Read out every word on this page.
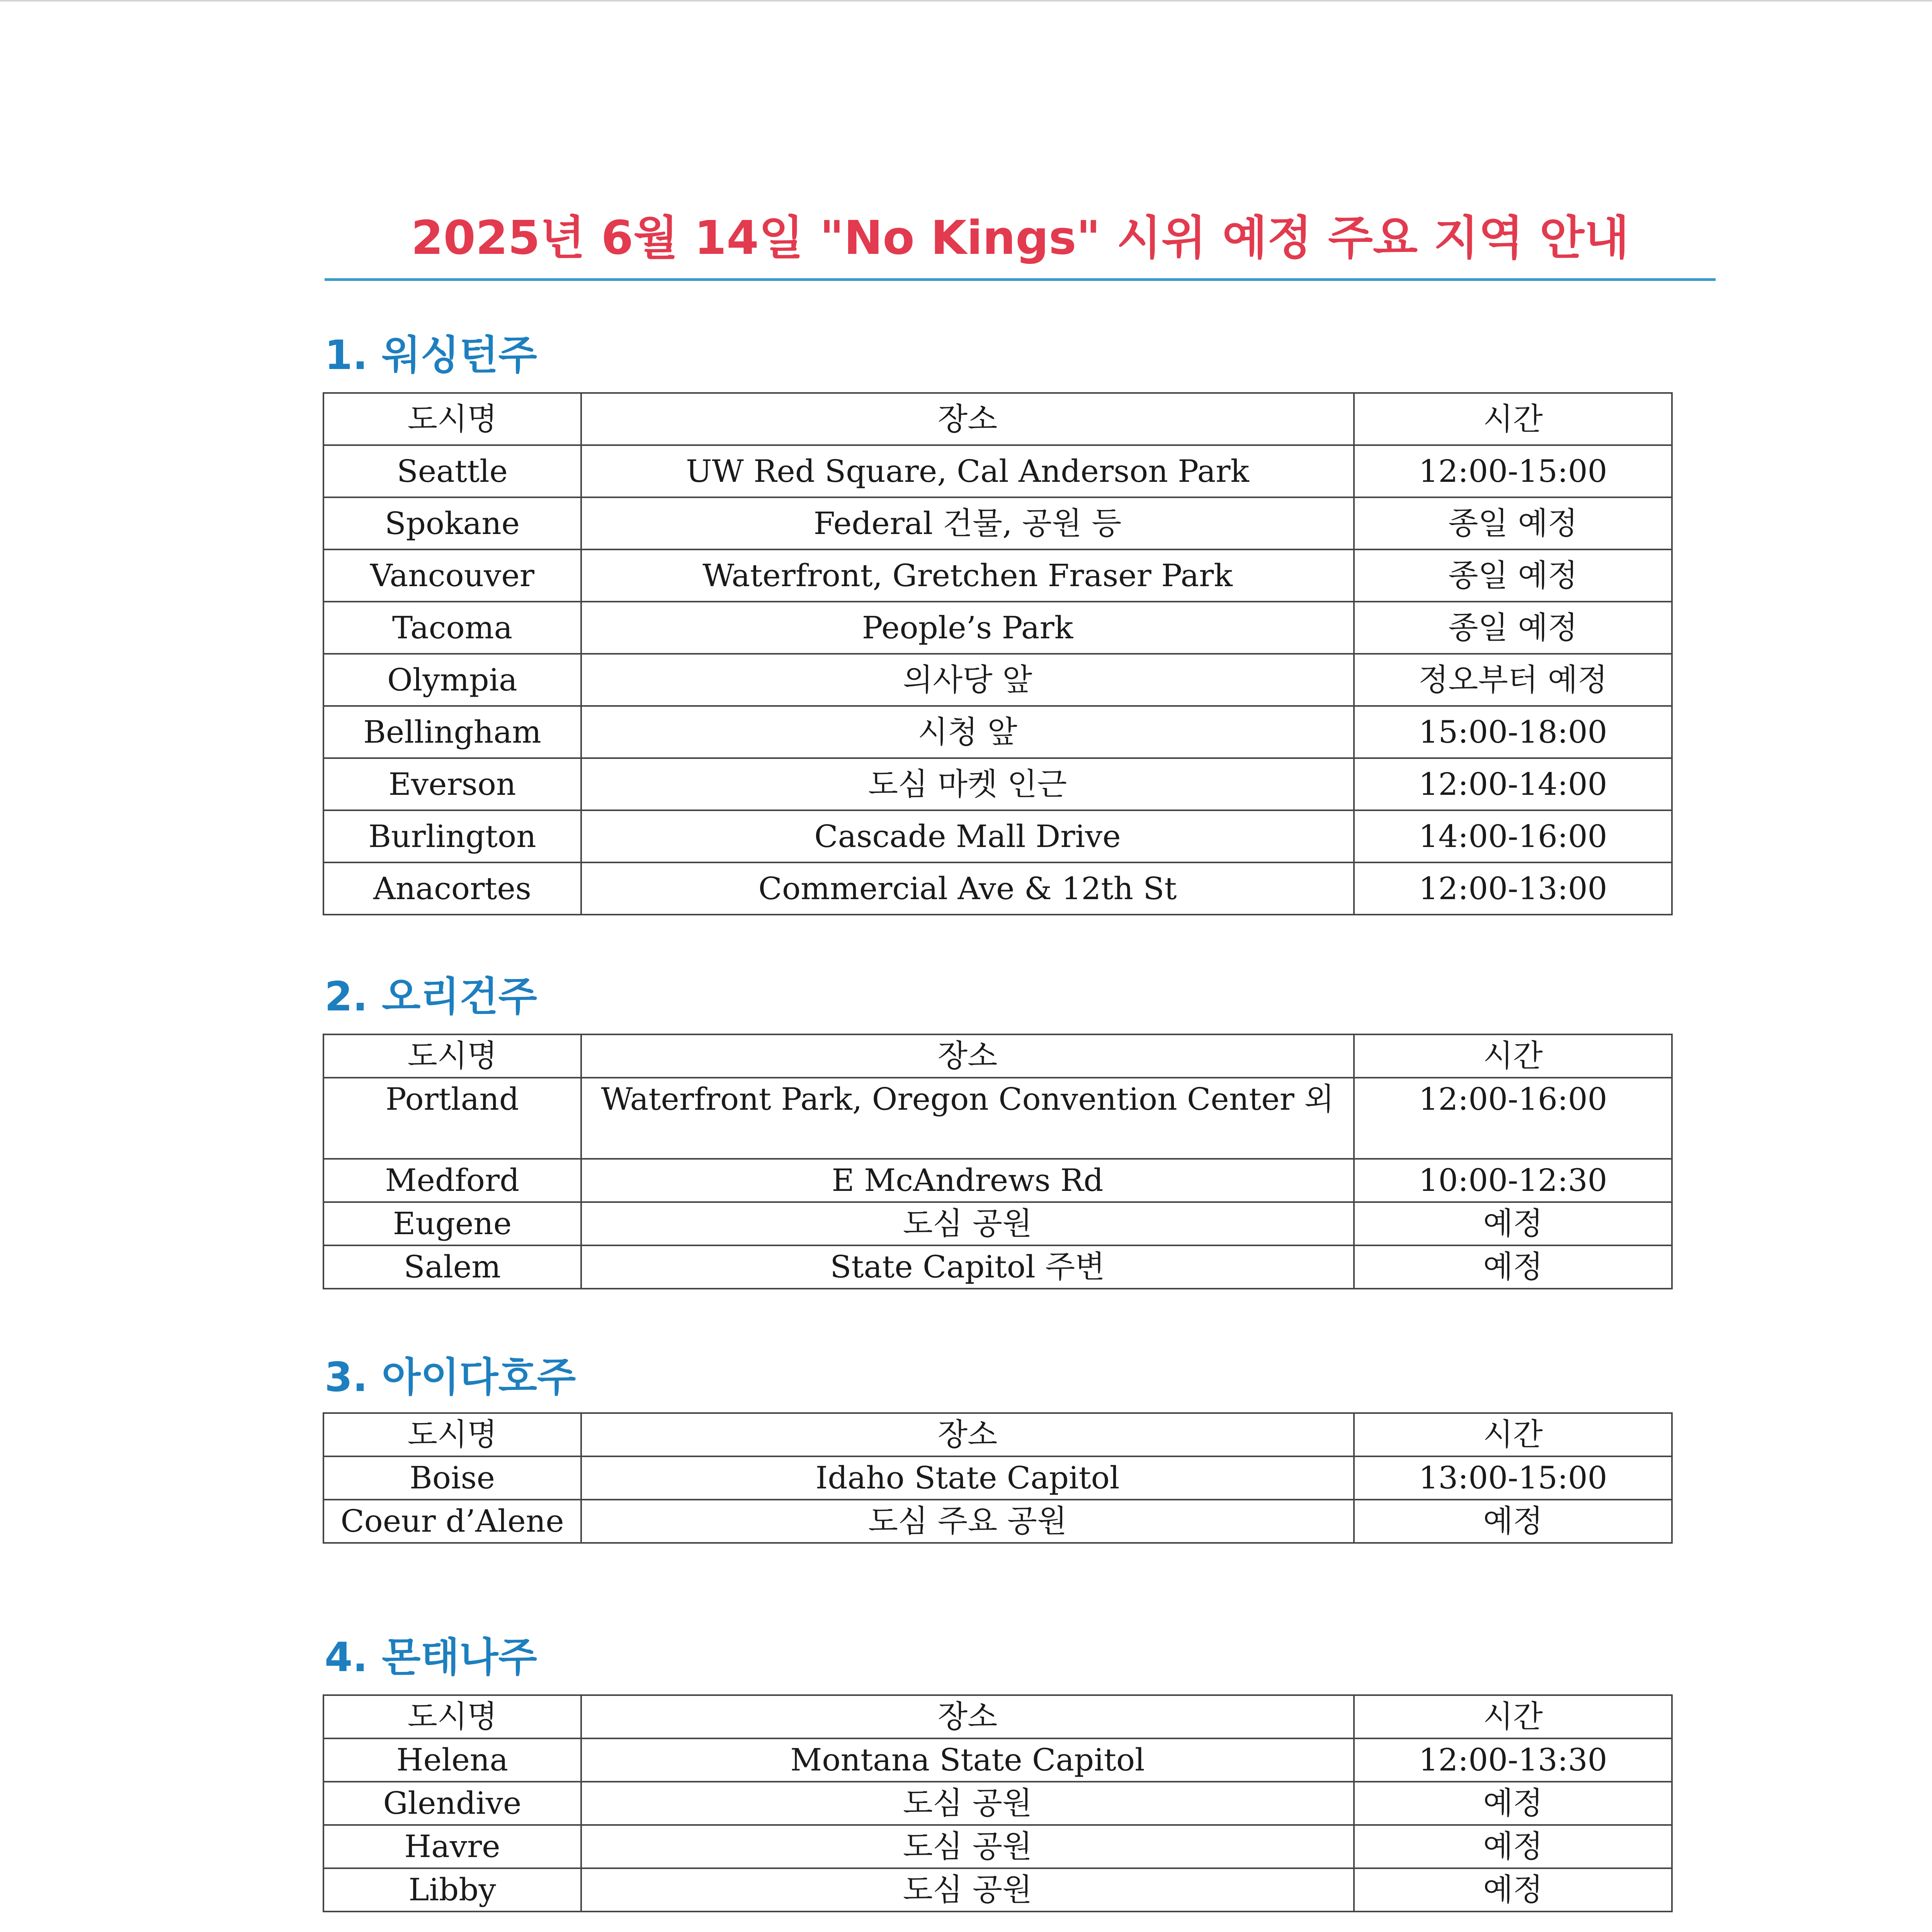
2025년 6월 14일 "No Kings" 시위 예정 주요 지역 안내
1. 워싱턴주
도시명	장소	시간
Seattle	UW Red Square, Cal Anderson Park	12:00-15:00
Spokane	Federal 건물, 공원 등	종일 예정
Vancouver	Waterfront, Gretchen Fraser Park	종일 예정
Tacoma	People’s Park	종일 예정
Olympia	의사당 앞	정오부터 예정
Bellingham	시청 앞	15:00-18:00
Everson	도심 마켓 인근	12:00-14:00
Burlington	Cascade Mall Drive	14:00-16:00
Anacortes	Commercial Ave & 12th St	12:00-13:00
2. 오리건주
도시명	장소	시간
Portland	Waterfront Park, Oregon Convention Center 외	12:00-16:00
Medford	E McAndrews Rd	10:00-12:30
Eugene	도심 공원	예정
Salem	State Capitol 주변	예정
3. 아이다호주
도시명	장소	시간
Boise	Idaho State Capitol	13:00-15:00
Coeur d’Alene	도심 주요 공원	예정
4. 몬태나주
도시명	장소	시간
Helena	Montana State Capitol	12:00-13:30
Glendive	도심 공원	예정
Havre	도심 공원	예정
Libby	도심 공원	예정
